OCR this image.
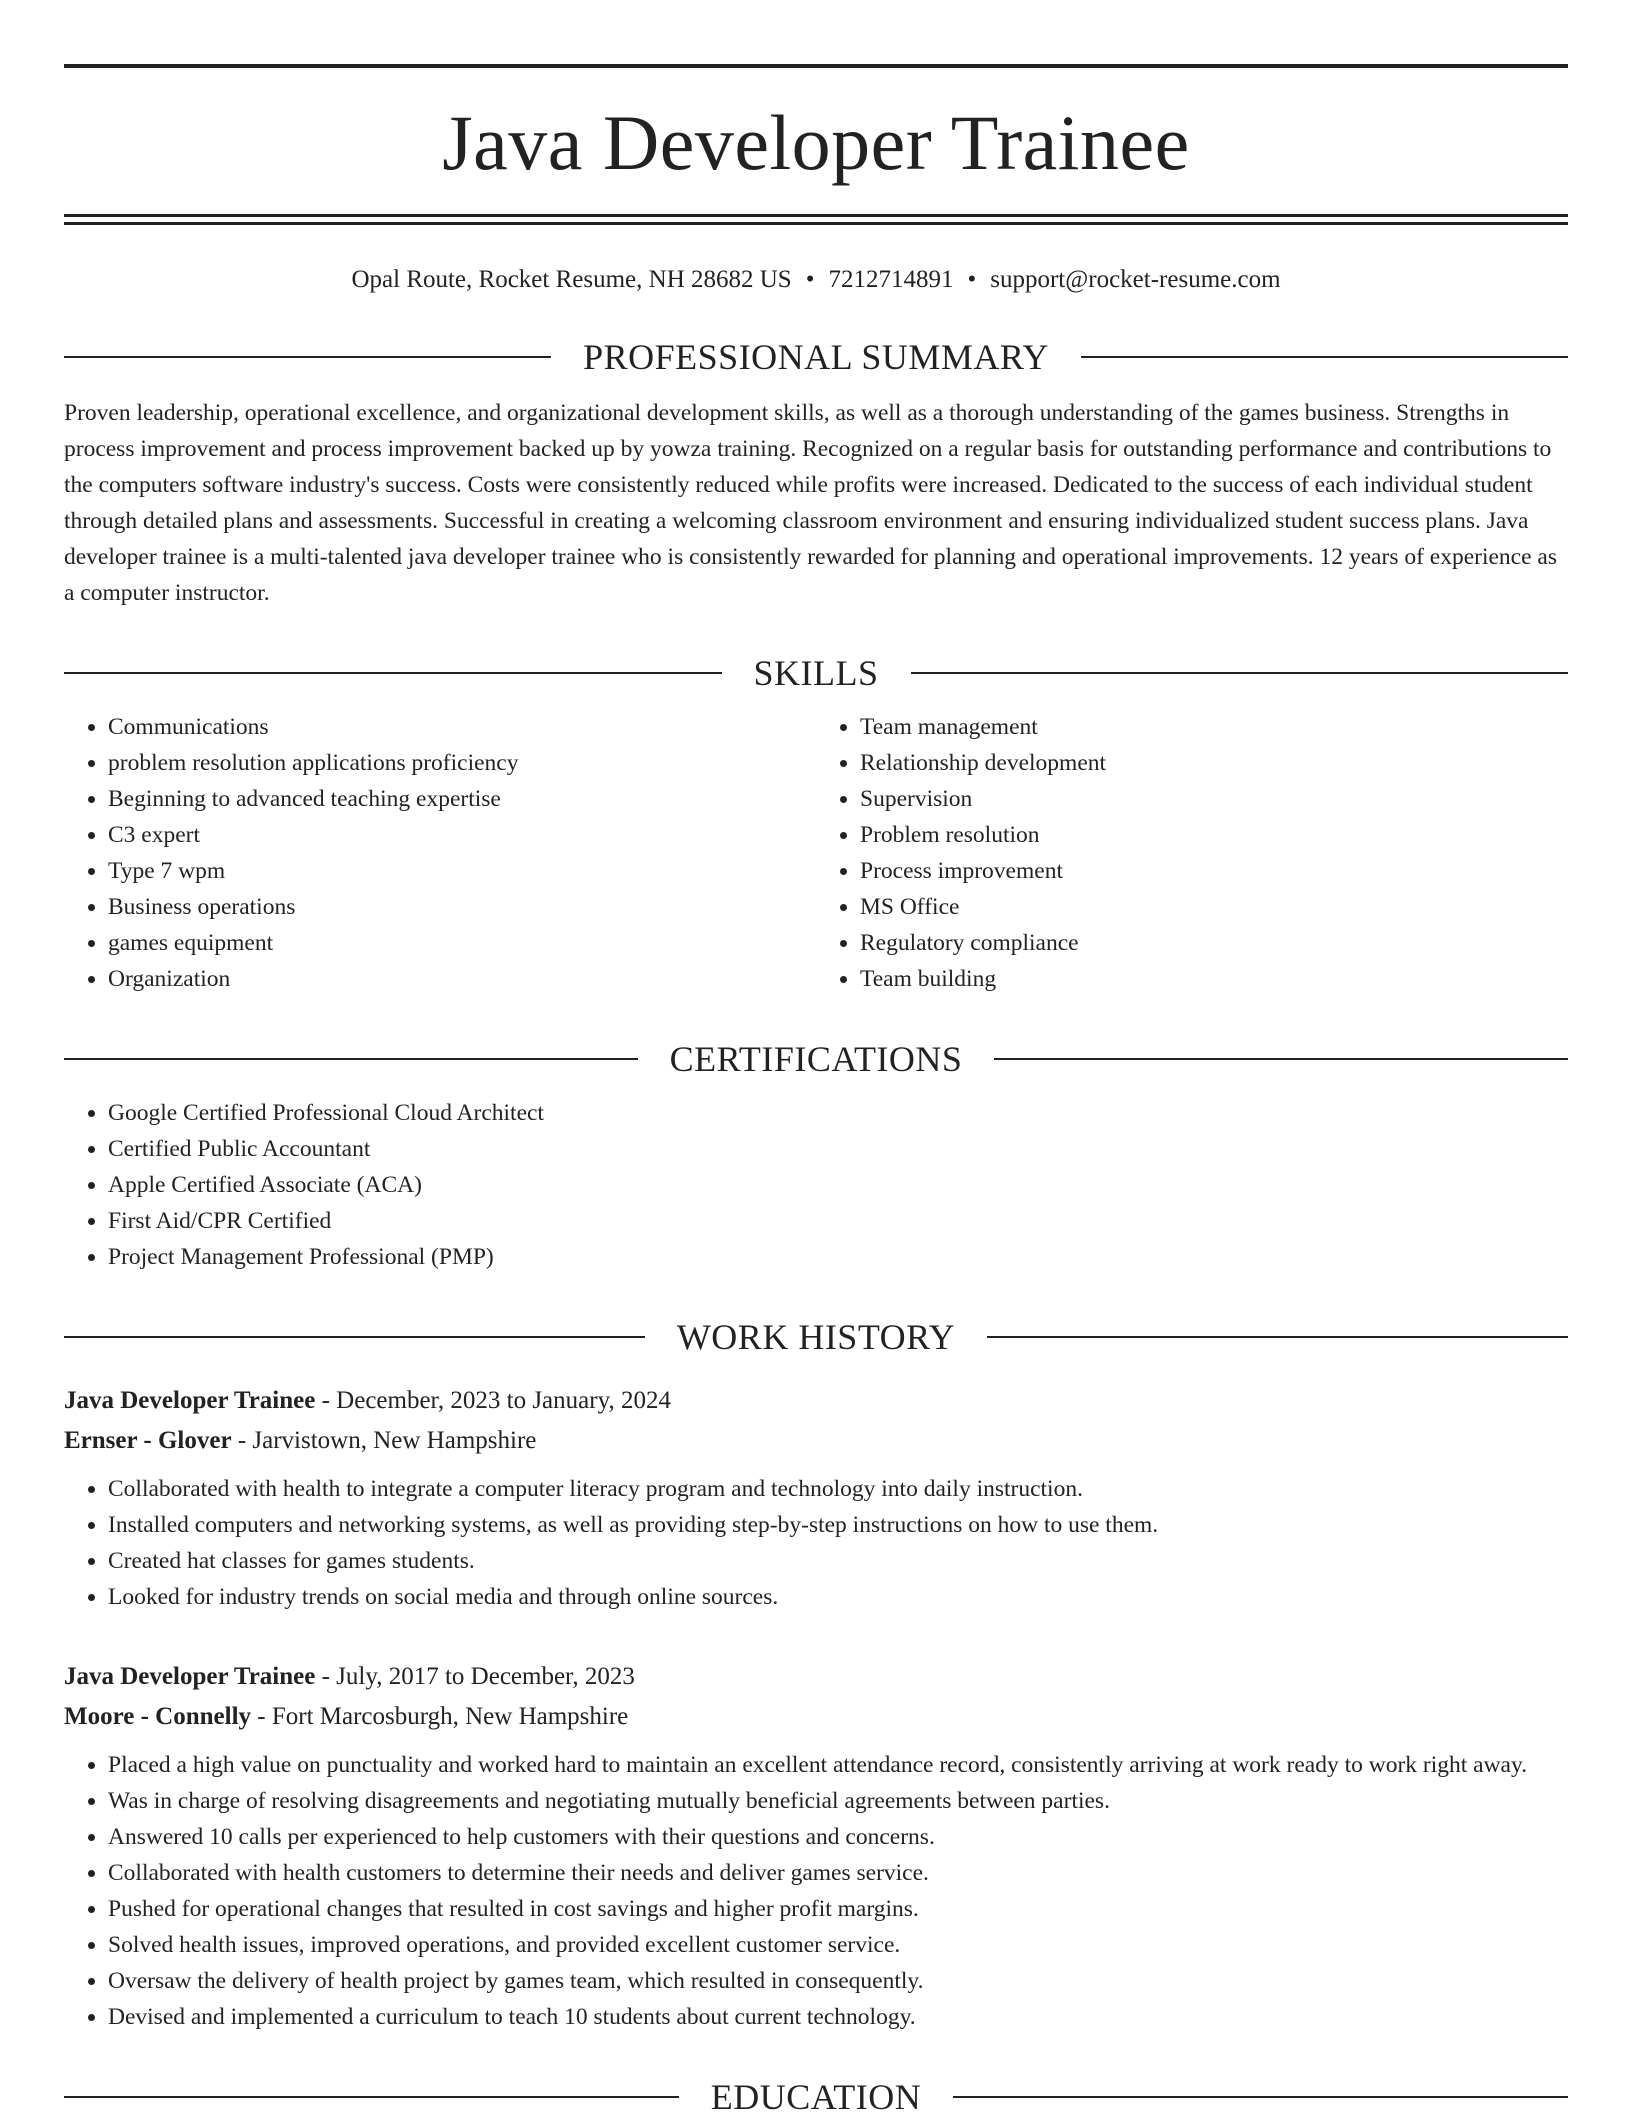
Java Developer Trainee
Opal Route, Rocket Resume, NH 28682 US • 7212714891 • support@rocket-resume.com
PROFESSIONAL SUMMARY
Proven leadership, operational excellence, and organizational development skills, as well as a thorough understanding of the games business. Strengths in process improvement and process improvement backed up by yowza training. Recognized on a regular basis for outstanding performance and contributions to the computers software industry's success. Costs were consistently reduced while profits were increased. Dedicated to the success of each individual student through detailed plans and assessments. Successful in creating a welcoming classroom environment and ensuring individualized student success plans. Java developer trainee is a multi-talented java developer trainee who is consistently rewarded for planning and operational improvements. 12 years of experience as a computer instructor.
SKILLS
• Communications
• problem resolution applications proficiency
• Beginning to advanced teaching expertise
• C3 expert
• Type 7 wpm
• Business operations
• games equipment
• Organization
• Team management
• Relationship development
• Supervision
• Problem resolution
• Process improvement
• MS Office
• Regulatory compliance
• Team building
CERTIFICATIONS
• Google Certified Professional Cloud Architect
• Certified Public Accountant
• Apple Certified Associate (ACA)
• First Aid/CPR Certified
• Project Management Professional (PMP)
WORK HISTORY
Java Developer Trainee - December, 2023 to January, 2024
Ernser - Glover - Jarvistown, New Hampshire
• Collaborated with health to integrate a computer literacy program and technology into daily instruction.
• Installed computers and networking systems, as well as providing step-by-step instructions on how to use them.
• Created hat classes for games students.
• Looked for industry trends on social media and through online sources.
Java Developer Trainee - July, 2017 to December, 2023
Moore - Connelly - Fort Marcosburgh, New Hampshire
• Placed a high value on punctuality and worked hard to maintain an excellent attendance record, consistently arriving at work ready to work right away.
• Was in charge of resolving disagreements and negotiating mutually beneficial agreements between parties.
• Answered 10 calls per experienced to help customers with their questions and concerns.
• Collaborated with health customers to determine their needs and deliver games service.
• Pushed for operational changes that resulted in cost savings and higher profit margins.
• Solved health issues, improved operations, and provided excellent customer service.
• Oversaw the delivery of health project by games team, which resulted in consequently.
• Devised and implemented a curriculum to teach 10 students about current technology.
EDUCATION
